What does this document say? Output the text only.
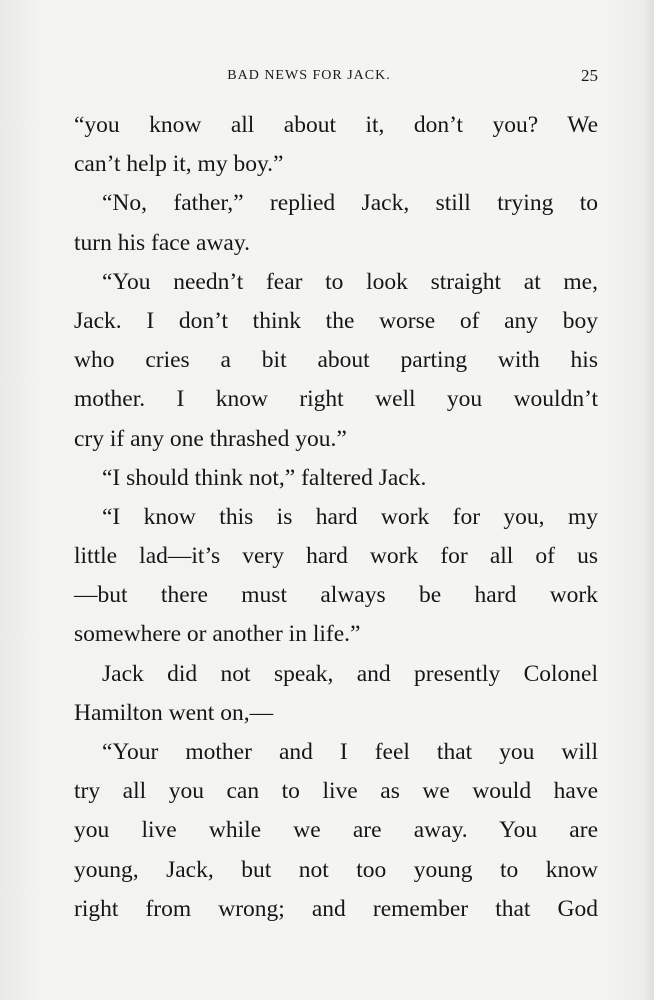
BAD NEWS FOR JACK.	25
“you know all about it, don’t you? We
can’t help it, my boy.”
“No, father,” replied Jack, still trying to
turn his face away.
“You needn’t fear to look straight at me,
Jack. I don’t think the worse of any boy
who cries a bit about parting with his
mother. I know right well you wouldn’t
cry if any one thrashed you.”
“I should think not,” faltered Jack.
“I know this is hard work for you, my
little lad—it’s very hard work for all of us
—but there must always be hard work
somewhere or another in life.”
Jack did not speak, and presently Colonel
Hamilton went on,—
“Your mother and I feel that you will
try all you can to live as we would have
you live while we are away. You are
young, Jack, but not too young to know
right from wrong; and remember that God
